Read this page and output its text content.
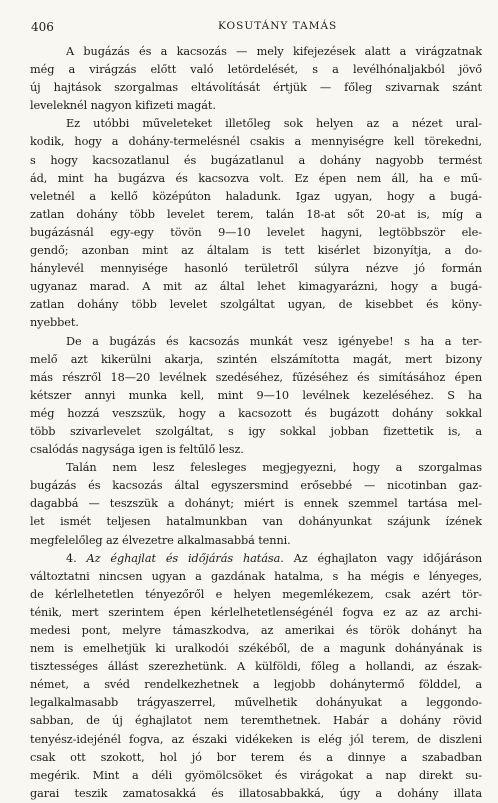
406	KOSUTÁNY TAMÁS
A bugázás és a kacsozás — mely kifejezések alatt a virágzatnak
még a virágzás előtt való letördelését, s a levélhónaljakból jövő
új hajtások szorgalmas eltávolítását értjük — főleg szivarnak szánt
leveleknél nagyon kifizeti magát.
Ez utóbbi műveleteket illetőleg sok helyen az a nézet ural-
kodik, hogy a dohány-termelésnél csakis a mennyiségre kell törekedni,
s hogy kacsozatlanul és bugázatlanul a dohány nagyobb termést
ád, mint ha bugázva és kacsozva volt. Ez épen nem áll, ha e mű-
veletnél a kellő középúton haladunk. Igaz ugyan, hogy a bugá-
zatlan dohány több levelet terem, talán 18-at sőt 20-at is, míg a
bugázásnál egy-egy tövön 9—10 levelet hagyni, legtöbbször ele-
gendő; azonban mint az általam is tett kisérlet bizonyítja, a do-
hánylevél mennyisége hasonló területről súlyra nézve jó formán
ugyanaz marad. A mit az által lehet kimagyarázni, hogy a bugá-
zatlan dohány több levelet szolgáltat ugyan, de kisebbet és köny-
nyebbet.
De a bugázás és kacsozás munkát vesz igényebe! s ha a ter-
melő azt kikerülni akarja, szintén elszámította magát, mert bizony
más részről 18—20 levélnek szedéséhez, fűzéséhez és simításához épen
kétszer annyi munka kell, mint 9—10 levélnek kezeléséhez. S ha
még hozzá veszszük, hogy a kacsozott és bugázott dohány sokkal
több szivarlevelet szolgáltat, s igy sokkal jobban fizettetik is, a
csalódás nagysága igen is feltűlő lesz.
Talán nem lesz felesleges megjegyezni, hogy a szorgalmas
bugázás és kacsozás által egyszersmind erősebbé — nicotinban gaz-
dagabbá — teszszük a dohányt; miért is ennek szemmel tartása mel-
let ismét teljesen hatalmunkban van dohányunkat szájunk ízének
megfelelőleg az élvezetre alkalmasabbá tenni.
4. Az éghajlat és időjárás hatása. Az éghajlaton vagy időjáráson
változtatni nincsen ugyan a gazdának hatalma, s ha mégis e lényeges,
de kérlelhetetlen tényezőről e helyen megemlékezem, csak azért tör-
ténik, mert szerintem épen kérlelhetetlenségénél fogva ez az az archi-
medesi pont, melyre támaszkodva, az amerikai és török dohányt ha
nem is emelhetjük ki uralkodói székéből, de a magunk dohányának is
tisztességes állást szerezhetünk. A külföldi, főleg a hollandi, az észak-
német, a svéd rendelkezhetnek a legjobb dohánytermő földdel, a
legalkalmasabb trágyaszerrel, művelhetik dohányukat a leggondo-
sabban, de új éghajlatot nem teremthetnek. Habár a dohány rövid
tenyész-idejénél fogva, az északi vidékeken is elég jól terem, de diszleni
csak ott szokott, hol jó bor terem és a dinnye a szabadban
megérik. Mint a déli gyömölcsöket és virágokat a nap direkt su-
garai teszik zamatosakká és illatosabbakká, úgy a dohány illata
